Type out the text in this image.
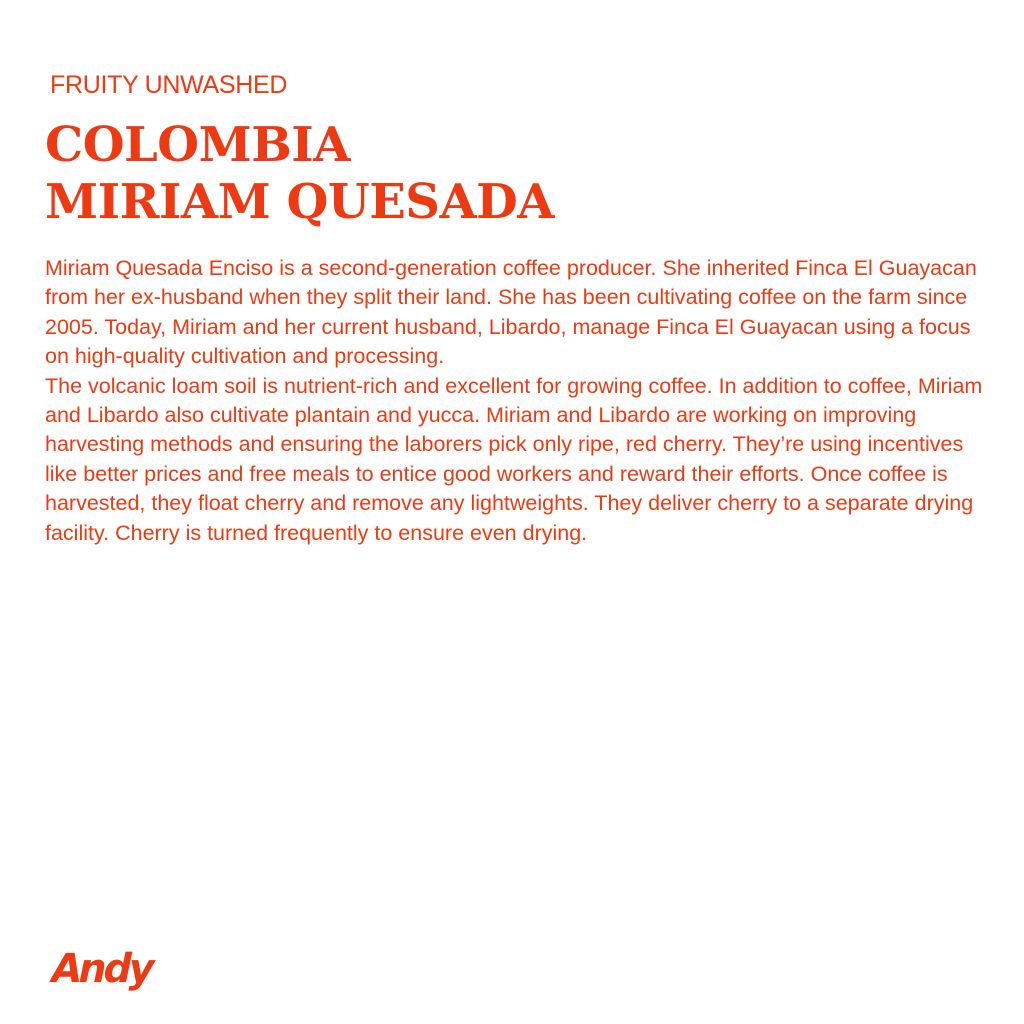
FRUITY UNWASHED
COLOMBIA
MIRIAM QUESADA

Miriam Quesada Enciso is a second-generation coffee producer. She inherited Finca El Guayacan from her ex-husband when they split their land. She has been cultivating coffee on the farm since 2005. Today, Miriam and her current husband, Libardo, manage Finca El Guayacan using a focus on high-quality cultivation and processing.

The volcanic loam soil is nutrient-rich and excellent for growing coffee. In addition to coffee, Miriam and Libardo also cultivate plantain and yucca. Miriam and Libardo are working on improving harvesting methods and ensuring the laborers pick only ripe, red cherry. They’re using incentives like better prices and free meals to entice good workers and reward their efforts. Once coffee is harvested, they float cherry and remove any lightweights. They deliver cherry to a separate drying facility. Cherry is turned frequently to ensure even drying.

Andy
